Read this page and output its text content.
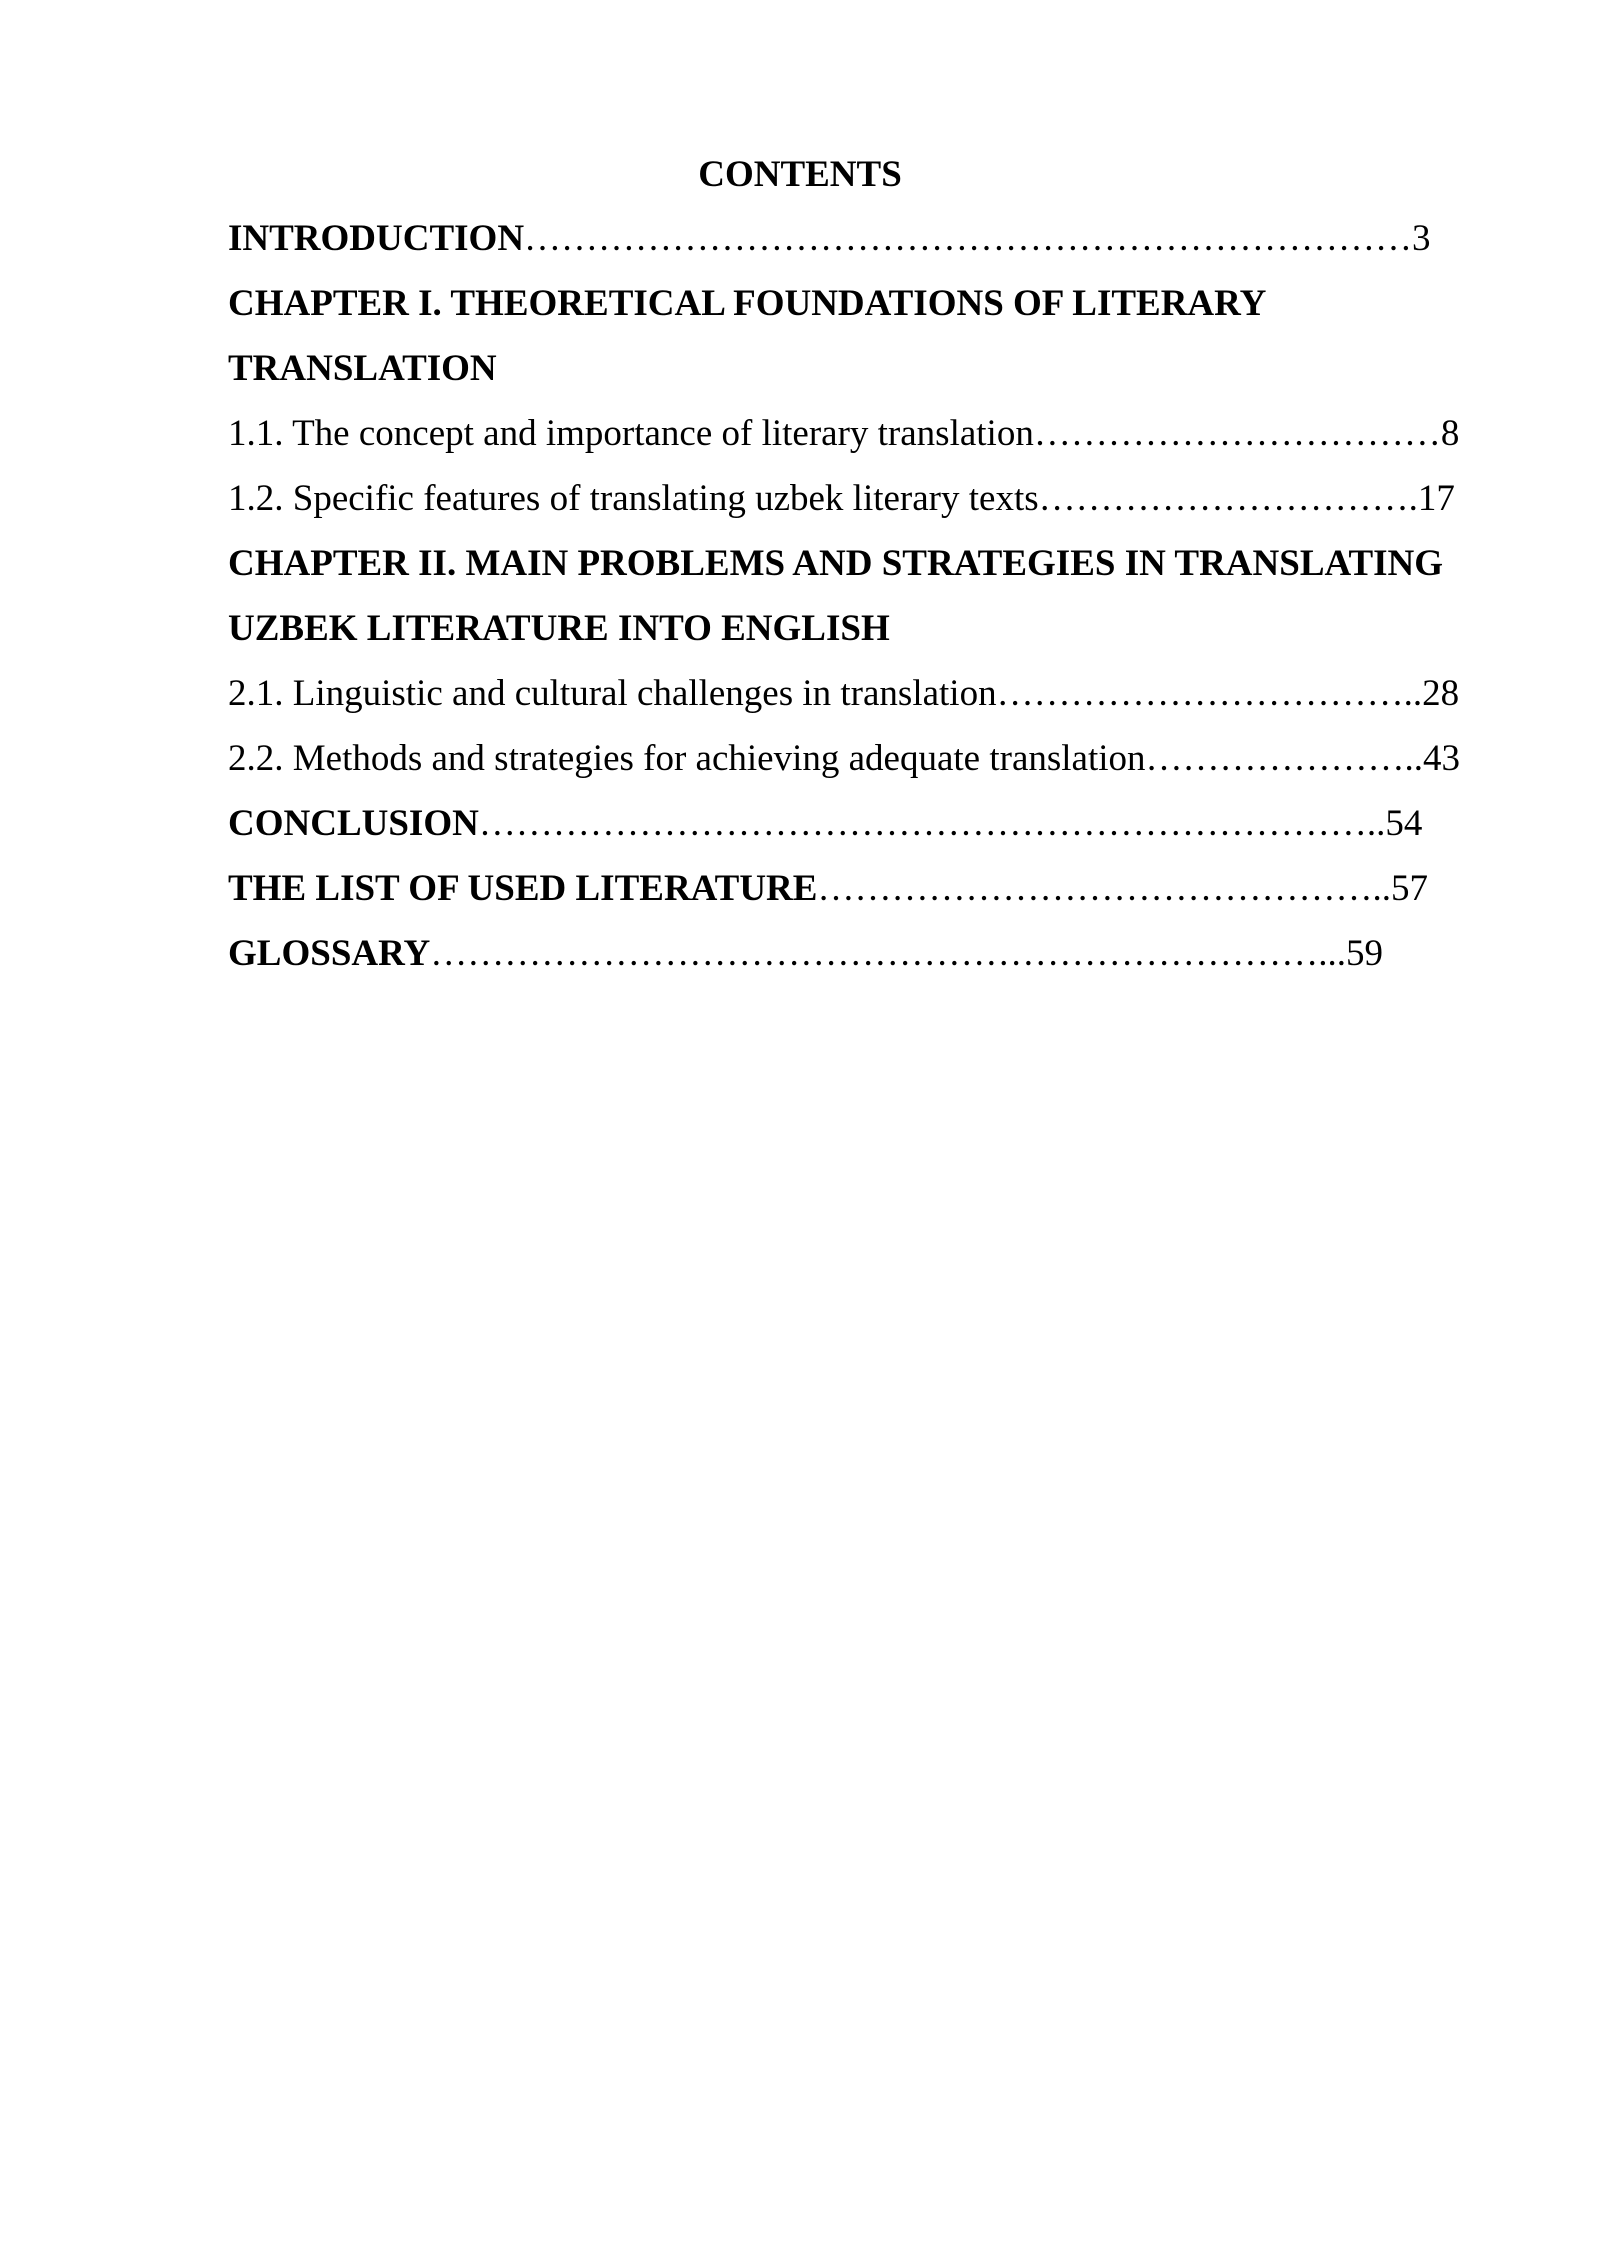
CONTENTS
INTRODUCTION………………………………………………………………3
CHAPTER I. THEORETICAL FOUNDATIONS OF LITERARY
TRANSLATION
1.1. The concept and importance of literary translation……………………………8
1.2. Specific features of translating uzbek literary texts………………………….17
CHAPTER II. MAIN PROBLEMS AND STRATEGIES IN TRANSLATING
UZBEK LITERATURE INTO ENGLISH
2.1. Linguistic and cultural challenges in translation……………………………..28
2.2. Methods and strategies for achieving adequate translation…………………..43
CONCLUSION………………………………………………………………..54
THE LIST OF USED LITERATURE………………………………………..57
GLOSSARY………………………………………………………………...59
